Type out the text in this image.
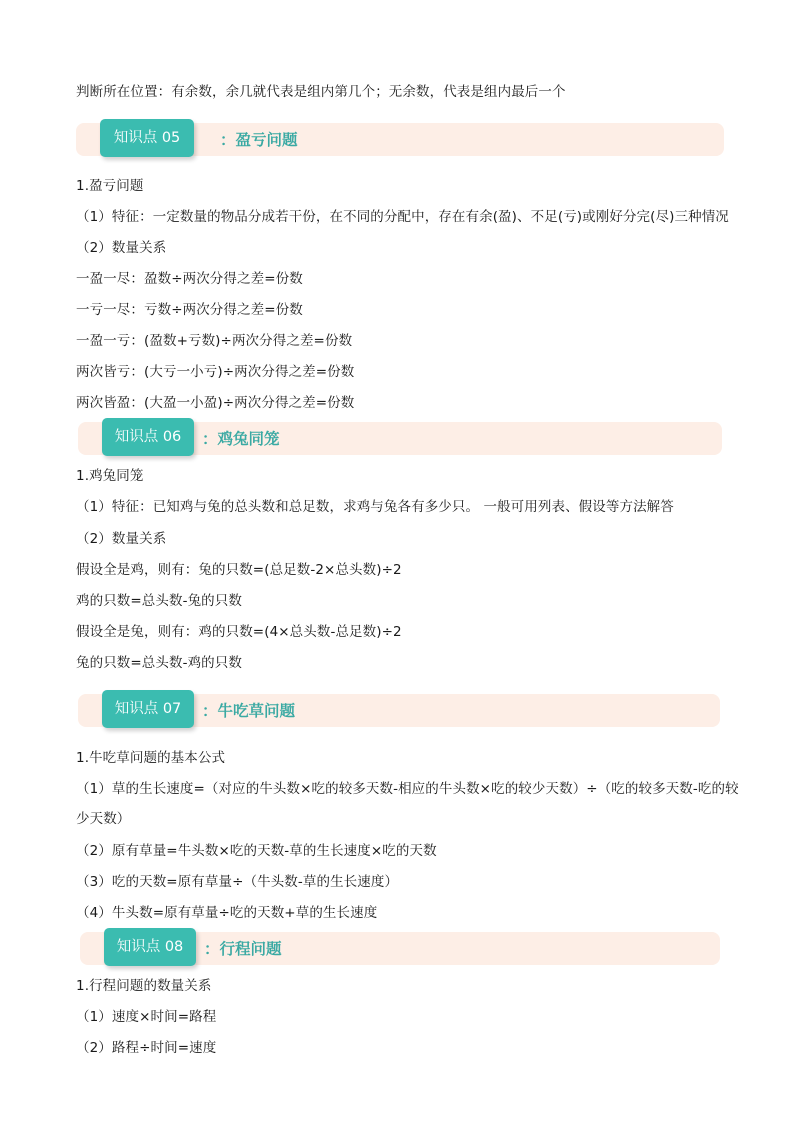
判断所在位置：有余数，余几就代表是组内第几个；无余数，代表是组内最后一个
知识点 05	：盈亏问题
1.盈亏问题
（1）特征：一定数量的物品分成若干份，在不同的分配中，存在有余(盈)、不足(亏)或刚好分完(尽)三种情况
（2）数量关系
一盈一尽：盈数÷两次分得之差=份数
一亏一尽：亏数÷两次分得之差=份数
一盈一亏：(盈数+亏数)÷两次分得之差=份数
两次皆亏：(大亏一小亏)÷两次分得之差=份数
两次皆盈：(大盈一小盈)÷两次分得之差=份数
知识点 06	：鸡兔同笼
1.鸡兔同笼
（1）特征：已知鸡与兔的总头数和总足数，求鸡与兔各有多少只。 一般可用列表、假设等方法解答
（2）数量关系
假设全是鸡，则有：兔的只数=(总足数-2×总头数)÷2
鸡的只数=总头数-兔的只数
假设全是兔，则有：鸡的只数=(4×总头数-总足数)÷2
兔的只数=总头数-鸡的只数
知识点 07	：牛吃草问题
1.牛吃草问题的基本公式
（1）草的生长速度=（对应的牛头数×吃的较多天数-相应的牛头数×吃的较少天数）÷（吃的较多天数-吃的较
少天数）
（2）原有草量=牛头数×吃的天数-草的生长速度×吃的天数
（3）吃的天数=原有草量÷（牛头数-草的生长速度）
（4）牛头数=原有草量÷吃的天数+草的生长速度
知识点 08	：行程问题
1.行程问题的数量关系
（1）速度×时间=路程
（2）路程÷时间=速度
